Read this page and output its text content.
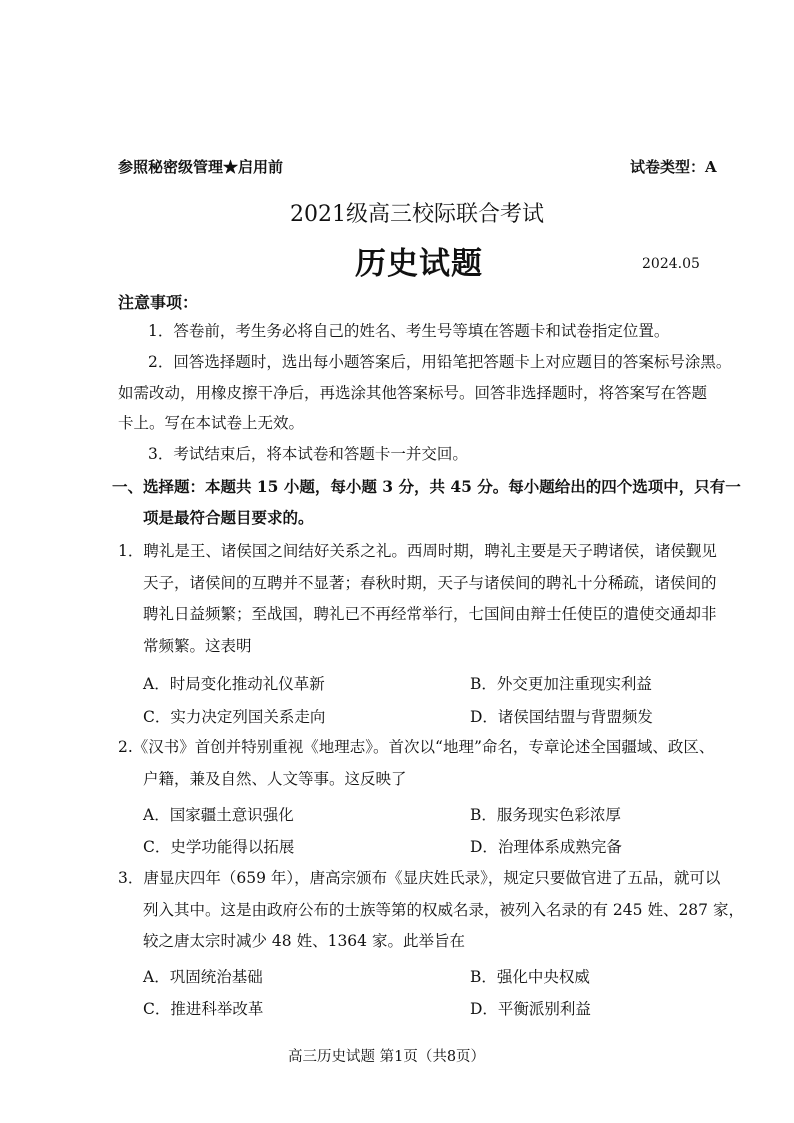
参照秘密级管理★启用前	试卷类型：A
2021级高三校际联合考试
历史试题	2024.05
注意事项：
1．答卷前，考生务必将自己的姓名、考生号等填在答题卡和试卷指定位置。
2．回答选择题时，选出每小题答案后，用铅笔把答题卡上对应题目的答案标号涂黑。
如需改动，用橡皮擦干净后，再选涂其他答案标号。回答非选择题时，将答案写在答题
卡上。写在本试卷上无效。
3．考试结束后，将本试卷和答题卡一并交回。
一、选择题：本题共 15 小题，每小题 3 分，共 45 分。每小题给出的四个选项中，只有一
项是最符合题目要求的。
1．聘礼是王、诸侯国之间结好关系之礼。西周时期，聘礼主要是天子聘诸侯，诸侯觐见
天子，诸侯间的互聘并不显著；春秋时期，天子与诸侯间的聘礼十分稀疏，诸侯间的
聘礼日益频繁；至战国，聘礼已不再经常举行，七国间由辩士任使臣的遣使交通却非
常频繁。这表明
A．时局变化推动礼仪革新	B．外交更加注重现实利益
C．实力决定列国关系走向	D．诸侯国结盟与背盟频发
2.《汉书》首创并特别重视《地理志》。首次以“地理”命名，专章论述全国疆域、政区、
户籍，兼及自然、人文等事。这反映了
A．国家疆土意识强化	B．服务现实色彩浓厚
C．史学功能得以拓展	D．治理体系成熟完备
3．唐显庆四年（659 年），唐高宗颁布《显庆姓氏录》，规定只要做官进了五品，就可以
列入其中。这是由政府公布的士族等第的权威名录，被列入名录的有 245 姓、287 家，
较之唐太宗时减少 48 姓、1364 家。此举旨在
A．巩固统治基础	B．强化中央权威
C．推进科举改革	D．平衡派别利益
高三历史试题 第1页（共8页）
